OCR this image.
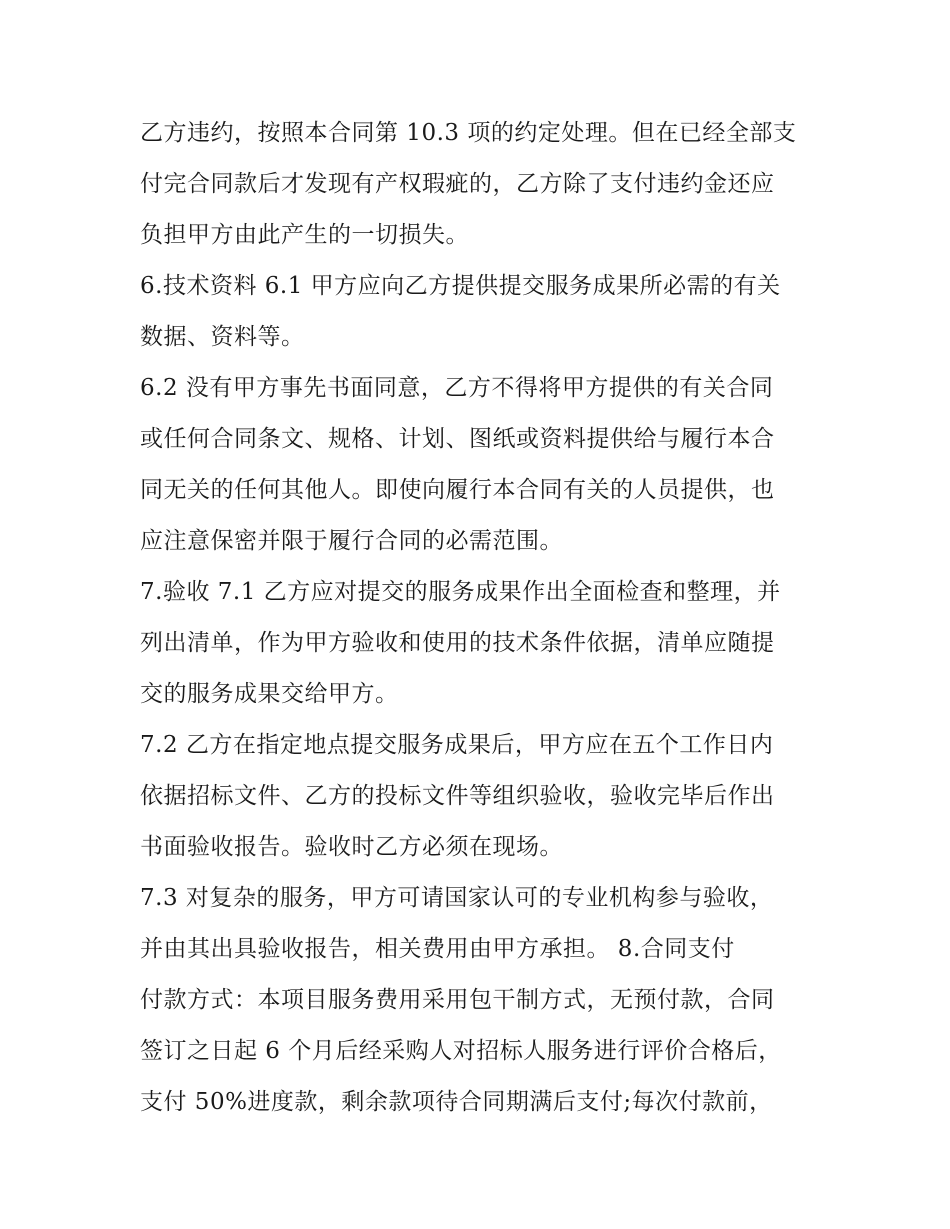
乙方违约，按照本合同第 10.3 项的约定处理。但在已经全部支
付完合同款后才发现有产权瑕疵的，乙方除了支付违约金还应
负担甲方由此产生的一切损失。
6.技术资料 6.1 甲方应向乙方提供提交服务成果所必需的有关
数据、资料等。
6.2 没有甲方事先书面同意，乙方不得将甲方提供的有关合同
或任何合同条文、规格、计划、图纸或资料提供给与履行本合
同无关的任何其他人。即使向履行本合同有关的人员提供，也
应注意保密并限于履行合同的必需范围。
7.验收 7.1 乙方应对提交的服务成果作出全面检查和整理，并
列出清单，作为甲方验收和使用的技术条件依据，清单应随提
交的服务成果交给甲方。
7.2 乙方在指定地点提交服务成果后，甲方应在五个工作日内
依据招标文件、乙方的投标文件等组织验收，验收完毕后作出
书面验收报告。验收时乙方必须在现场。
7.3 对复杂的服务，甲方可请国家认可的专业机构参与验收，
并由其出具验收报告，相关费用由甲方承担。 8.合同支付
付款方式：本项目服务费用采用包干制方式，无预付款，合同
签订之日起 6 个月后经采购人对招标人服务进行评价合格后，
支付 50%进度款，剩余款项待合同期满后支付;每次付款前，
